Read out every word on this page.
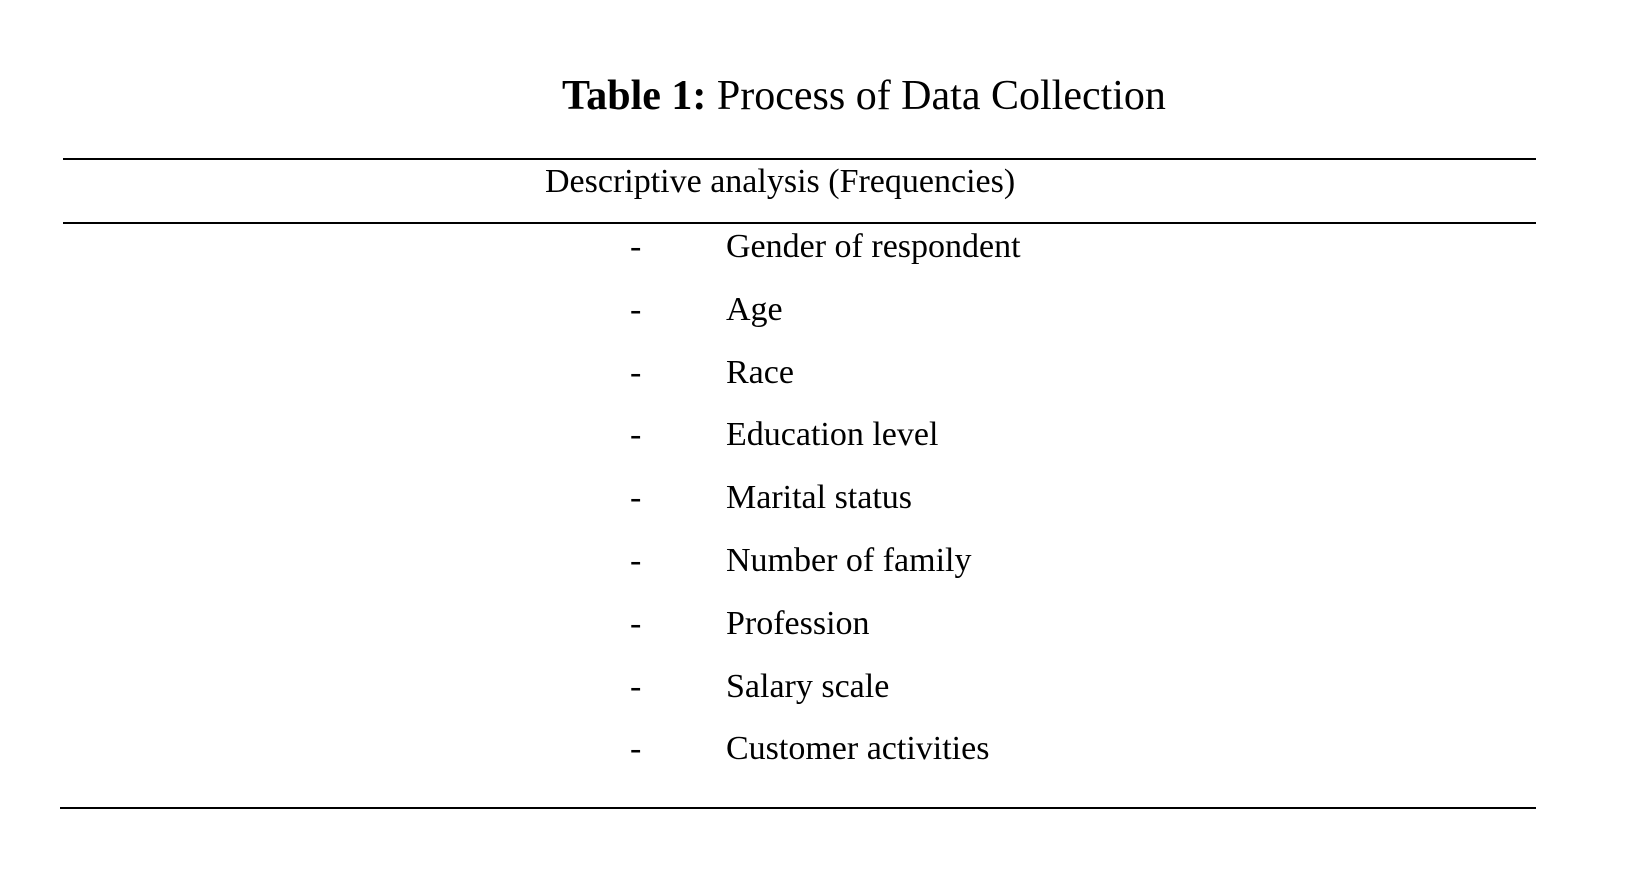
Table 1: Process of Data Collection
Descriptive analysis (Frequencies)
- Gender of respondent
- Age
- Race
- Education level
- Marital status
- Number of family
- Profession
- Salary scale
- Customer activities
